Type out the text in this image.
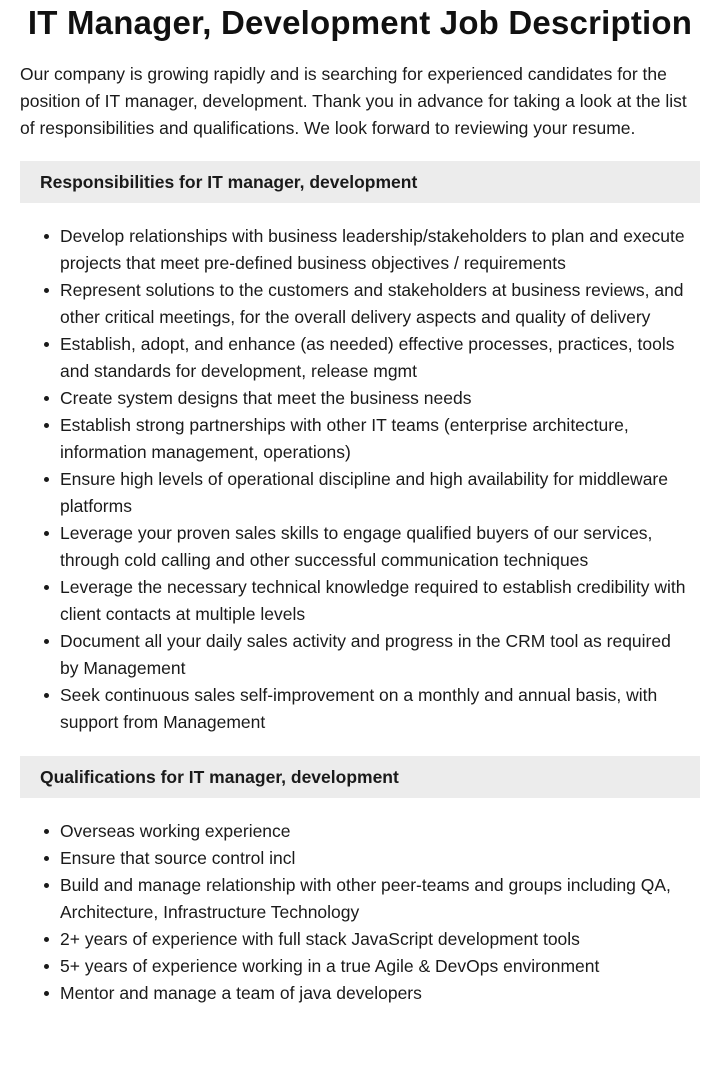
IT Manager, Development Job Description

Our company is growing rapidly and is searching for experienced candidates for the position of IT manager, development. Thank you in advance for taking a look at the list of responsibilities and qualifications. We look forward to reviewing your resume.

Responsibilities for IT manager, development
Develop relationships with business leadership/stakeholders to plan and execute projects that meet pre-defined business objectives / requirements
Represent solutions to the customers and stakeholders at business reviews, and other critical meetings, for the overall delivery aspects and quality of delivery
Establish, adopt, and enhance (as needed) effective processes, practices, tools and standards for development, release mgmt
Create system designs that meet the business needs
Establish strong partnerships with other IT teams (enterprise architecture, information management, operations)
Ensure high levels of operational discipline and high availability for middleware platforms
Leverage your proven sales skills to engage qualified buyers of our services, through cold calling and other successful communication techniques
Leverage the necessary technical knowledge required to establish credibility with client contacts at multiple levels
Document all your daily sales activity and progress in the CRM tool as required by Management
Seek continuous sales self-improvement on a monthly and annual basis, with support from Management
Qualifications for IT manager, development
Overseas working experience
Ensure that source control incl
Build and manage relationship with other peer-teams and groups including QA, Architecture, Infrastructure Technology
2+ years of experience with full stack JavaScript development tools
5+ years of experience working in a true Agile & DevOps environment
Mentor and manage a team of java developers
